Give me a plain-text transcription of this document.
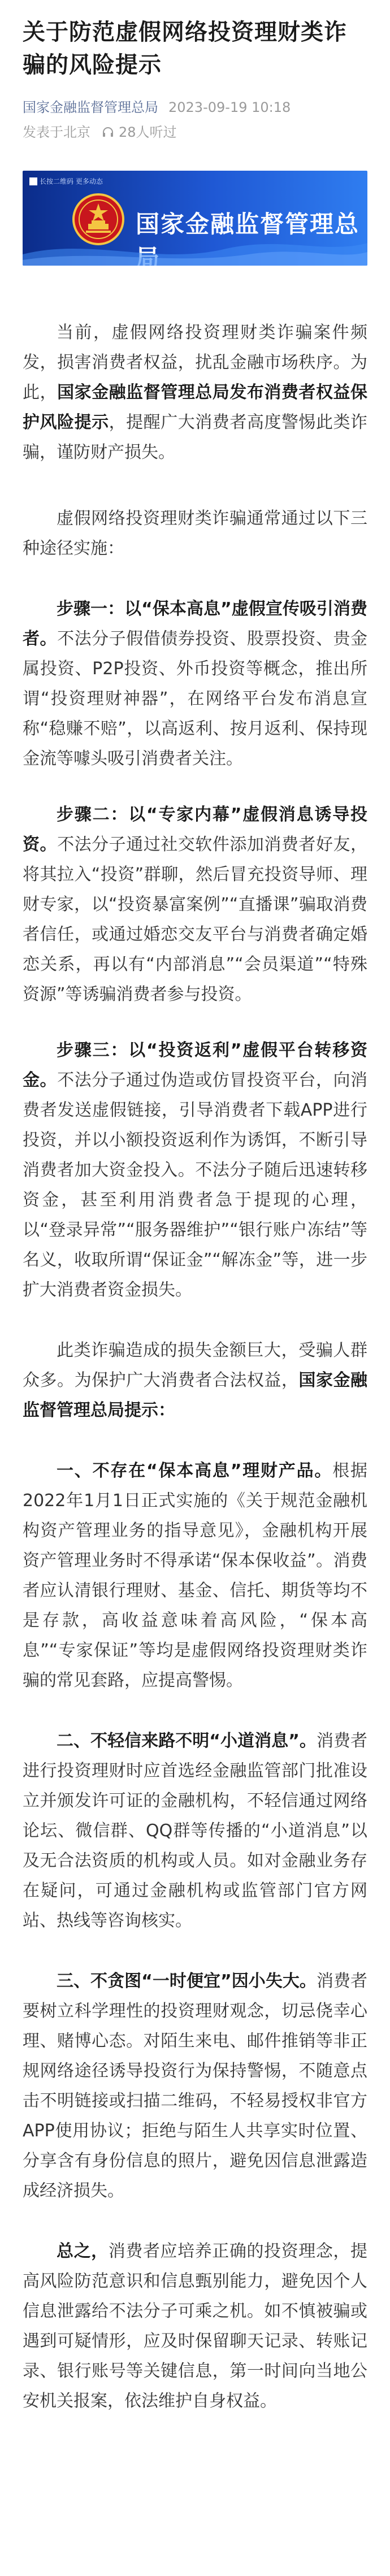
关于防范虚假网络投资理财类诈骗的风险提示
国家金融监督管理总局 2023-09-19 10:18
发表于北京 28人听过
长按二维码 更多动态
国家金融监督管理总

当前，虚假网络投资理财类诈骗案件频发，损害消费者权益，扰乱金融市场秩序。为此，国家金融监督管理总局发布消费者权益保护风险提示，提醒广大消费者高度警惕此类诈骗，谨防财产损失。

虚假网络投资理财类诈骗通常通过以下三种途径实施：

步骤一：以“保本高息”虚假宣传吸引消费者。不法分子假借债券投资、股票投资、贵金属投资、P2P投资、外币投资等概念，推出所谓“投资理财神器”，在网络平台发布消息宣称“稳赚不赔”，以高返利、按月返利、保持现金流等噱头吸引消费者关注。

步骤二：以“专家内幕”虚假消息诱导投资。不法分子通过社交软件添加消费者好友，将其拉入“投资”群聊，然后冒充投资导师、理财专家，以“投资暴富案例”“直播课”骗取消费者信任，或通过婚恋交友平台与消费者确定婚恋关系，再以有“内部消息”“会员渠道”“特殊资源”等诱骗消费者参与投资。

步骤三：以“投资返利”虚假平台转移资金。不法分子通过伪造或仿冒投资平台，向消费者发送虚假链接，引导消费者下载APP进行投资，并以小额投资返利作为诱饵，不断引导消费者加大资金投入。不法分子随后迅速转移资金，甚至利用消费者急于提现的心理，以“登录异常”“服务器维护”“银行账户冻结”等名义，收取所谓“保证金”“解冻金”等，进一步扩大消费者资金损失。

此类诈骗造成的损失金额巨大，受骗人群众多。为保护广大消费者合法权益，国家金融监督管理总局提示：

一、不存在“保本高息”理财产品。根据2022年1月1日正式实施的《关于规范金融机构资产管理业务的指导意见》，金融机构开展资产管理业务时不得承诺“保本保收益”。消费者应认清银行理财、基金、信托、期货等均不是存款，高收益意味着高风险，“保本高息”“专家保证”等均是虚假网络投资理财类诈骗的常见套路，应提高警惕。

二、不轻信来路不明“小道消息”。消费者进行投资理财时应首选经金融监管部门批准设立并颁发许可证的金融机构，不轻信通过网络论坛、微信群、QQ群等传播的“小道消息”以及无合法资质的机构或人员。如对金融业务存在疑问，可通过金融机构或监管部门官方网站、热线等咨询核实。

三、不贪图“一时便宜”因小失大。消费者要树立科学理性的投资理财观念，切忌侥幸心理、赌博心态。对陌生来电、邮件推销等非正规网络途径诱导投资行为保持警惕，不随意点击不明链接或扫描二维码，不轻易授权非官方APP使用协议；拒绝与陌生人共享实时位置、分享含有身份信息的照片，避免因信息泄露造成经济损失。

总之，消费者应培养正确的投资理念，提高风险防范意识和信息甄别能力，避免因个人信息泄露给不法分子可乘之机。如不慎被骗或遇到可疑情形，应及时保留聊天记录、转账记录、银行账号等关键信息，第一时间向当地公安机关报案，依法维护自身权益。
